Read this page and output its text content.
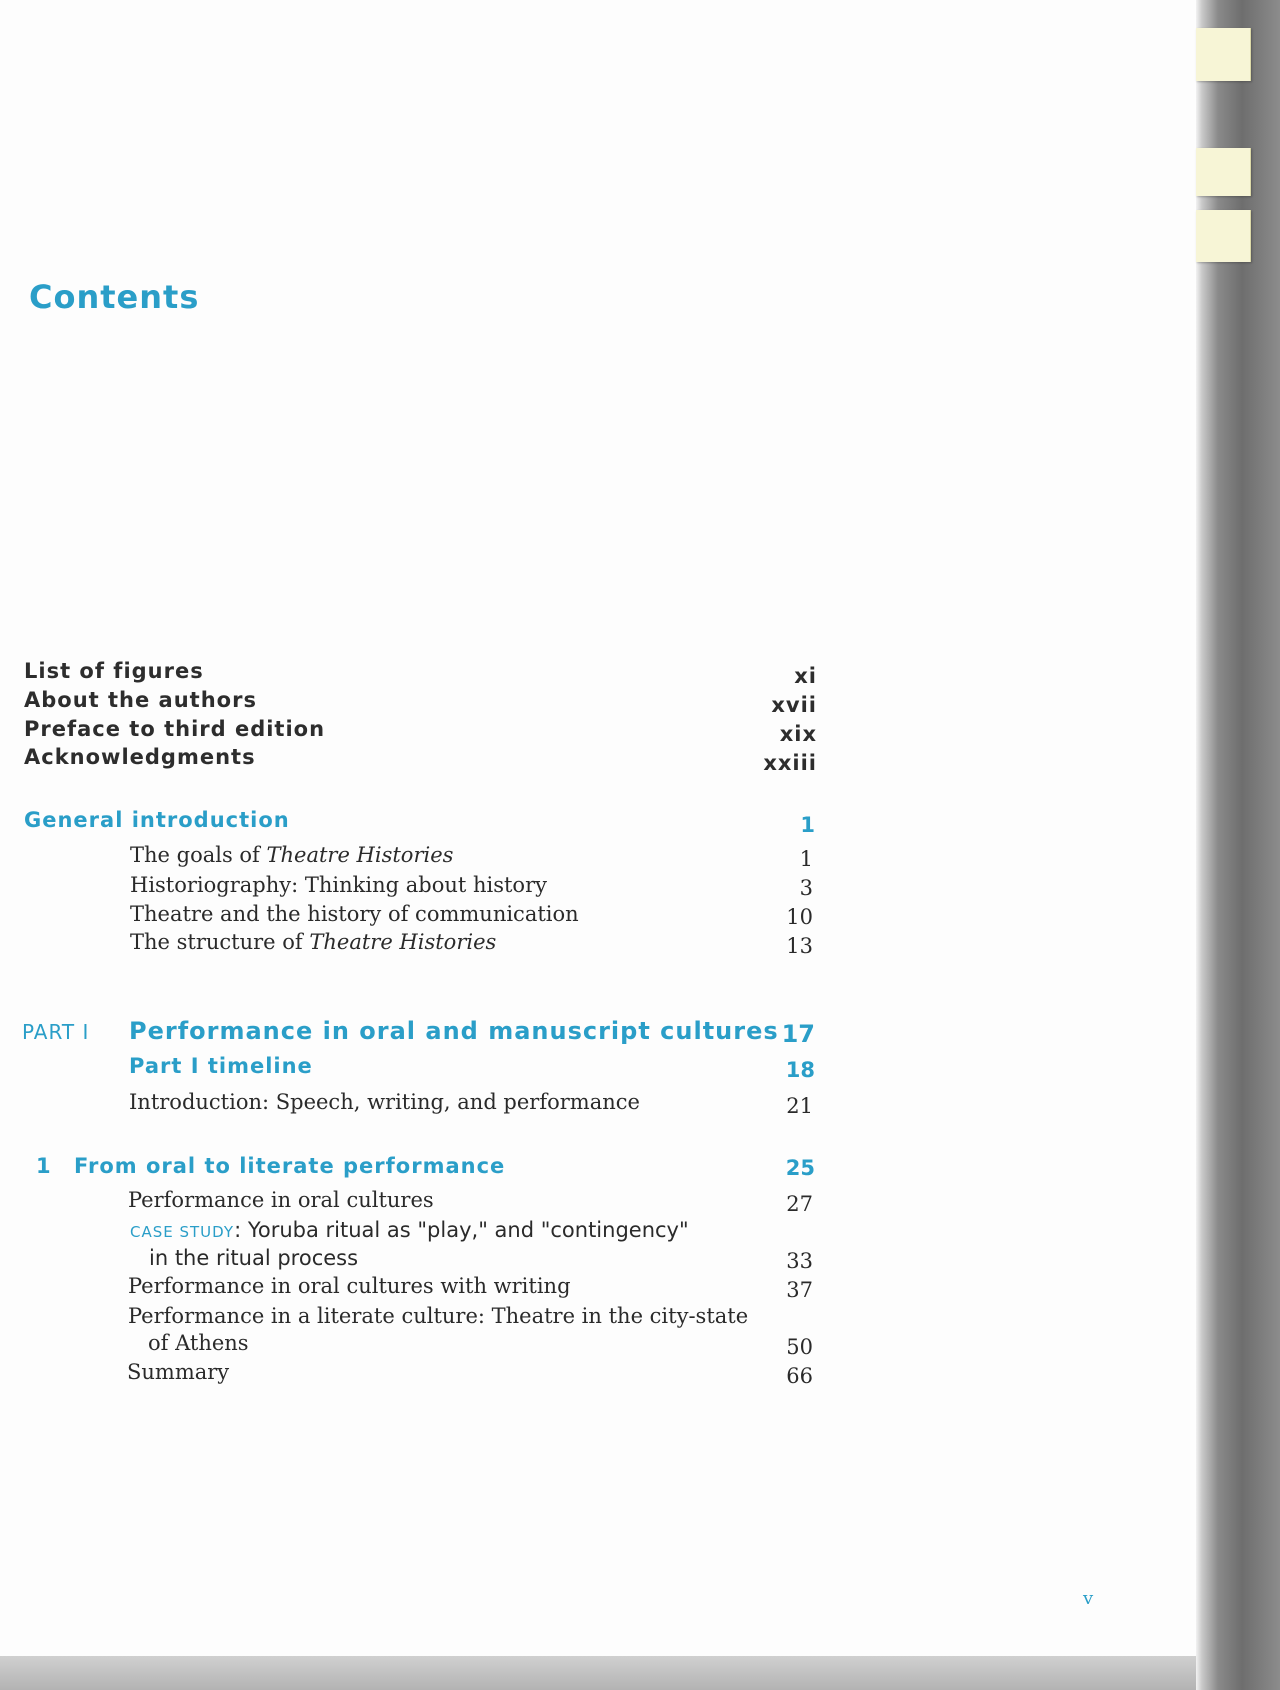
Contents
List of figures	xi
About the authors	xvii
Preface to third edition	xix
Acknowledgments	xxiii
General introduction	1
The goals of Theatre Histories	1
Historiography: Thinking about history	3
Theatre and the history of communication	10
The structure of Theatre Histories	13
PART I Performance in oral and manuscript cultures 17
Part I timeline	18
Introduction: Speech, writing, and performance	21
1 From oral to literate performance	25
Performance in oral cultures	27
CASE STUDY: Yoruba ritual as "play," and "contingency"
in the ritual process	33
Performance in oral cultures with writing	37
Performance in a literate culture: Theatre in the city-state
of Athens	50
Summary	66
v
